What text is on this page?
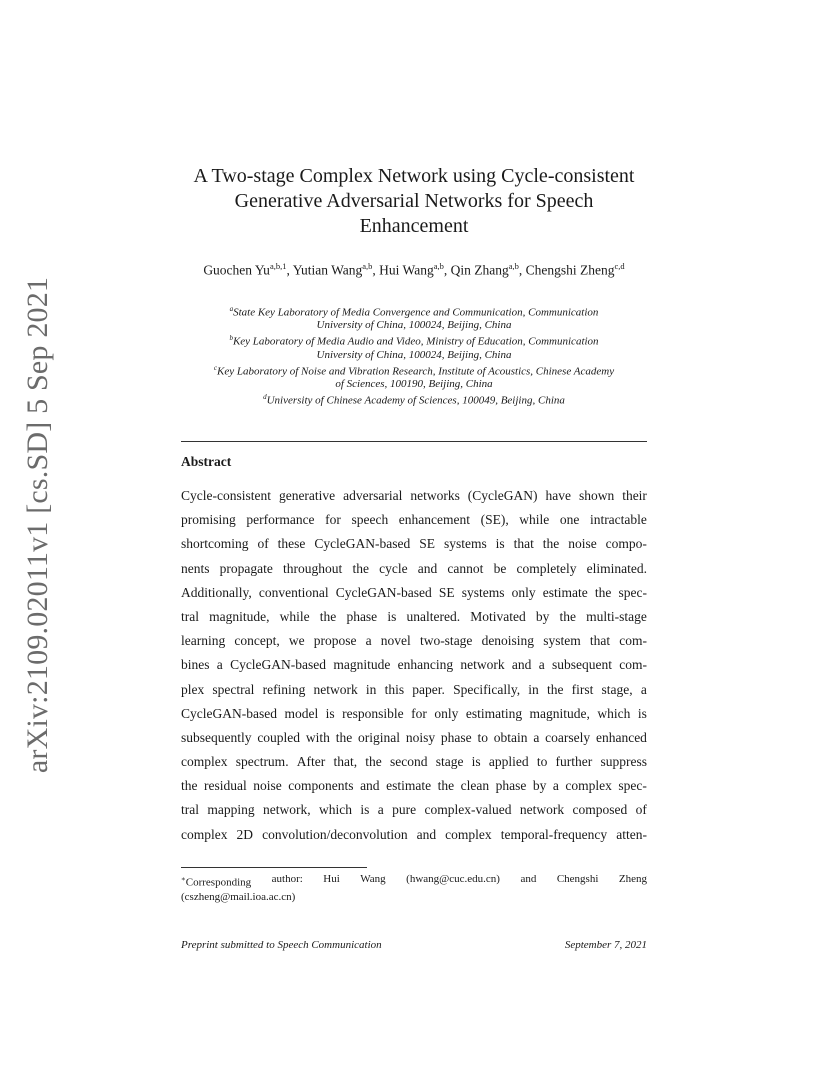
arXiv:2109.02011v1 [cs.SD] 5 Sep 2021
A Two-stage Complex Network using Cycle-consistent
Generative Adversarial Networks for Speech
Enhancement
Guochen Yu$^{a,b,1}$, Yutian Wang$^{a,b}$, Hui Wang$^{a,b}$, Qin Zhang$^{a,b}$, Chengshi Zheng$^{c,d}$
$^a$State Key Laboratory of Media Convergence and Communication, Communication
University of China, 100024, Beijing, China
$^b$Key Laboratory of Media Audio and Video, Ministry of Education, Communication
University of China, 100024, Beijing, China
$^c$Key Laboratory of Noise and Vibration Research, Institute of Acoustics, Chinese Academy
of Sciences, 100190, Beijing, China
$^d$University of Chinese Academy of Sciences, 100049, Beijing, China
Abstract
Cycle-consistent generative adversarial networks (CycleGAN) have shown their
promising performance for speech enhancement (SE), while one intractable
shortcoming of these CycleGAN-based SE systems is that the noise compo-
nents propagate throughout the cycle and cannot be completely eliminated.
Additionally, conventional CycleGAN-based SE systems only estimate the spec-
tral magnitude, while the phase is unaltered. Motivated by the multi-stage
learning concept, we propose a novel two-stage denoising system that com-
bines a CycleGAN-based magnitude enhancing network and a subsequent com-
plex spectral refining network in this paper. Specifically, in the first stage, a
CycleGAN-based model is responsible for only estimating magnitude, which is
subsequently coupled with the original noisy phase to obtain a coarsely enhanced
complex spectrum. After that, the second stage is applied to further suppress
the residual noise components and estimate the clean phase by a complex spec-
tral mapping network, which is a pure complex-valued network composed of
complex 2D convolution/deconvolution and complex temporal-frequency atten-
∗Corresponding author: Hui Wang (hwang@cuc.edu.cn) and Chengshi Zheng
(cszheng@mail.ioa.ac.cn)
Preprint submitted to Speech Communication	September 7, 2021
